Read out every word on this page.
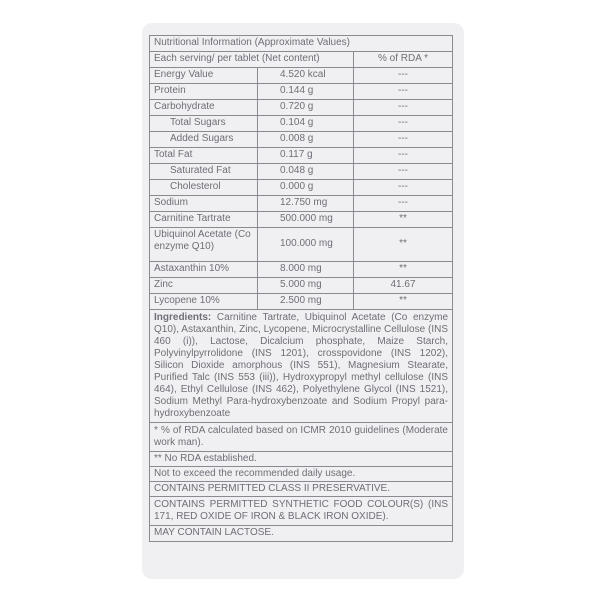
Nutritional Information (Approximate Values)
Each serving/ per tablet (Net content)	% of RDA *
Energy Value	4.520 kcal	---
Protein	0.144 g	---
Carbohydrate	0.720 g	---
Total Sugars	0.104 g	---
Added Sugars	0.008 g	---
Total Fat	0.117 g	---
Saturated Fat	0.048 g	---
Cholesterol	0.000 g	---
Sodium	12.750 mg	---
Carnitine Tartrate	500.000 mg	**
Ubiquinol Acetate (Co enzyme Q10)	100.000 mg	**
Astaxanthin 10%	8.000 mg	**
Zinc	5.000 mg	41.67
Lycopene 10%	2.500 mg	**
Ingredients: Carnitine Tartrate, Ubiquinol Acetate (Co enzyme Q10), Astaxanthin, Zinc, Lycopene, Microcrystalline Cellulose (INS 460 (i)), Lactose, Dicalcium phosphate, Maize Starch, Polyvinylpyrrolidone (INS 1201), crosspovidone (INS 1202), Silicon Dioxide amorphous (INS 551), Magnesium Stearate, Purified Talc (INS 553 (iii)), Hydroxypropyl methyl cellulose (INS 464), Ethyl Cellulose (INS 462), Polyethylene Glycol (INS 1521), Sodium Methyl Para-hydroxybenzoate and Sodium Propyl para-hydroxybenzoate
* % of RDA calculated based on ICMR 2010 guidelines (Moderate work man).
** No RDA established.
Not to exceed the recommended daily usage.
CONTAINS PERMITTED CLASS II PRESERVATIVE.
CONTAINS PERMITTED SYNTHETIC FOOD COLOUR(S) (INS 171, RED OXIDE OF IRON & BLACK IRON OXIDE).
MAY CONTAIN LACTOSE.
